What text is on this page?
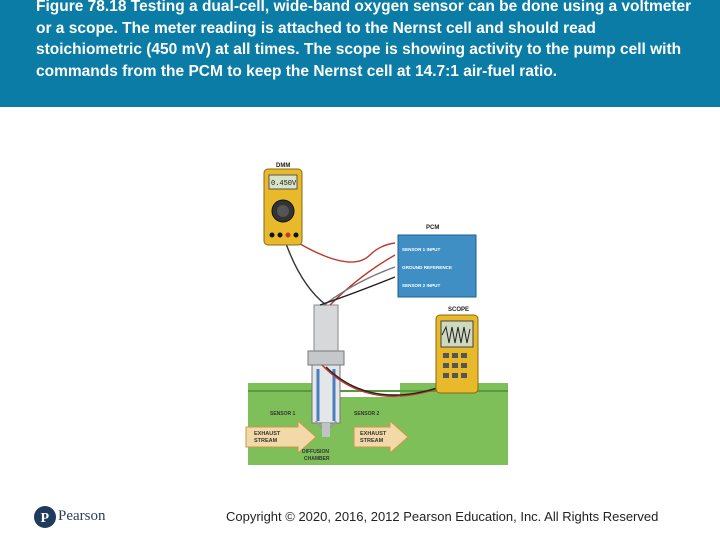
Figure 78.18 Testing a dual-cell, wide-band oxygen sensor can be done using a voltmeter or a scope. The meter reading is attached to the Nernst cell and should read stoichiometric (450 mV) at all times. The scope is showing activity to the pump cell with commands from the PCM to keep the Nernst cell at 14.7:1 air-fuel ratio.
EXHAUST
STREAM
EXHAUST
STREAM
SENSOR 1	SENSOR 2
DIFFUSION
CHAMBER
DMM
0.450V
PCM
SENSOR 1 INPUT
GROUND REFERENCE
SENSOR 2 INPUT
SCOPE
P Pearson	Copyright © 2020, 2016, 2012 Pearson Education, Inc. All Rights Reserved
